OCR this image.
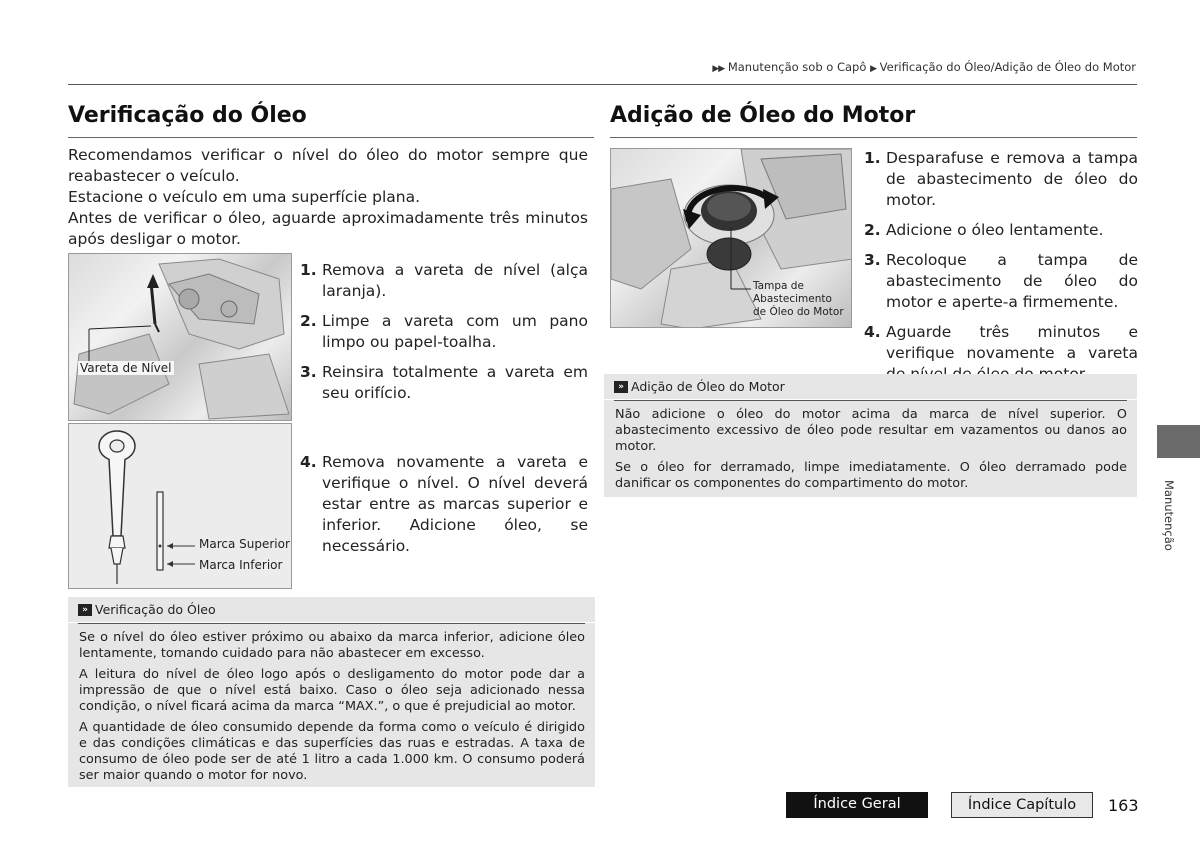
▶▶ Manutenção sob o Capô ▶ Verificação do Óleo/Adição de Óleo do Motor
Verificação do Óleo
Recomendamos verificar o nível do óleo do motor sempre que reabastecer o veículo.
Estacione o veículo em uma superfície plana.
Antes de verificar o óleo, aguarde aproximadamente três minutos após desligar o motor.
Vareta de Nível
Marca Superior
Marca Inferior
1. Remova a vareta de nível (alça laranja).
2. Limpe a vareta com um pano limpo ou papel-toalha.
3. Reinsira totalmente a vareta em seu orifício.
4. Remova novamente a vareta e verifique o nível. O nível deverá estar entre as marcas superior e inferior. Adicione óleo, se necessário.
» Verificação do Óleo

Se o nível do óleo estiver próximo ou abaixo da marca inferior, adicione óleo lentamente, tomando cuidado para não abastecer em excesso.

A leitura do nível de óleo logo após o desligamento do motor pode dar a impressão de que o nível está baixo. Caso o óleo seja adicionado nessa condição, o nível ficará acima da marca “MAX.”, o que é prejudicial ao motor.

A quantidade de óleo consumido depende da forma como o veículo é dirigido e das condições climáticas e das superfícies das ruas e estradas. A taxa de consumo de óleo pode ser de até 1 litro a cada 1.000 km. O consumo poderá ser maior quando o motor for novo.

Adição de Óleo do Motor
Tampa de Abastecimento de Óleo do Motor
1. Desparafuse e remova a tampa de abastecimento de óleo do motor.
2. Adicione o óleo lentamente.
3. Recoloque a tampa de abastecimento de óleo do motor e aperte-a firmemente.
4. Aguarde três minutos e verifique novamente a vareta
» Adição de Óleo do Motor

Não adicione o óleo do motor acima da marca de nível superior. O abastecimento excessivo de óleo pode resultar em vazamentos ou danos ao motor.

Se o óleo for derramado, limpe imediatamente. O óleo derramado pode danificar os componentes do compartimento do motor.	Manutenção
Índice Geral	Índice Capítulo	163
